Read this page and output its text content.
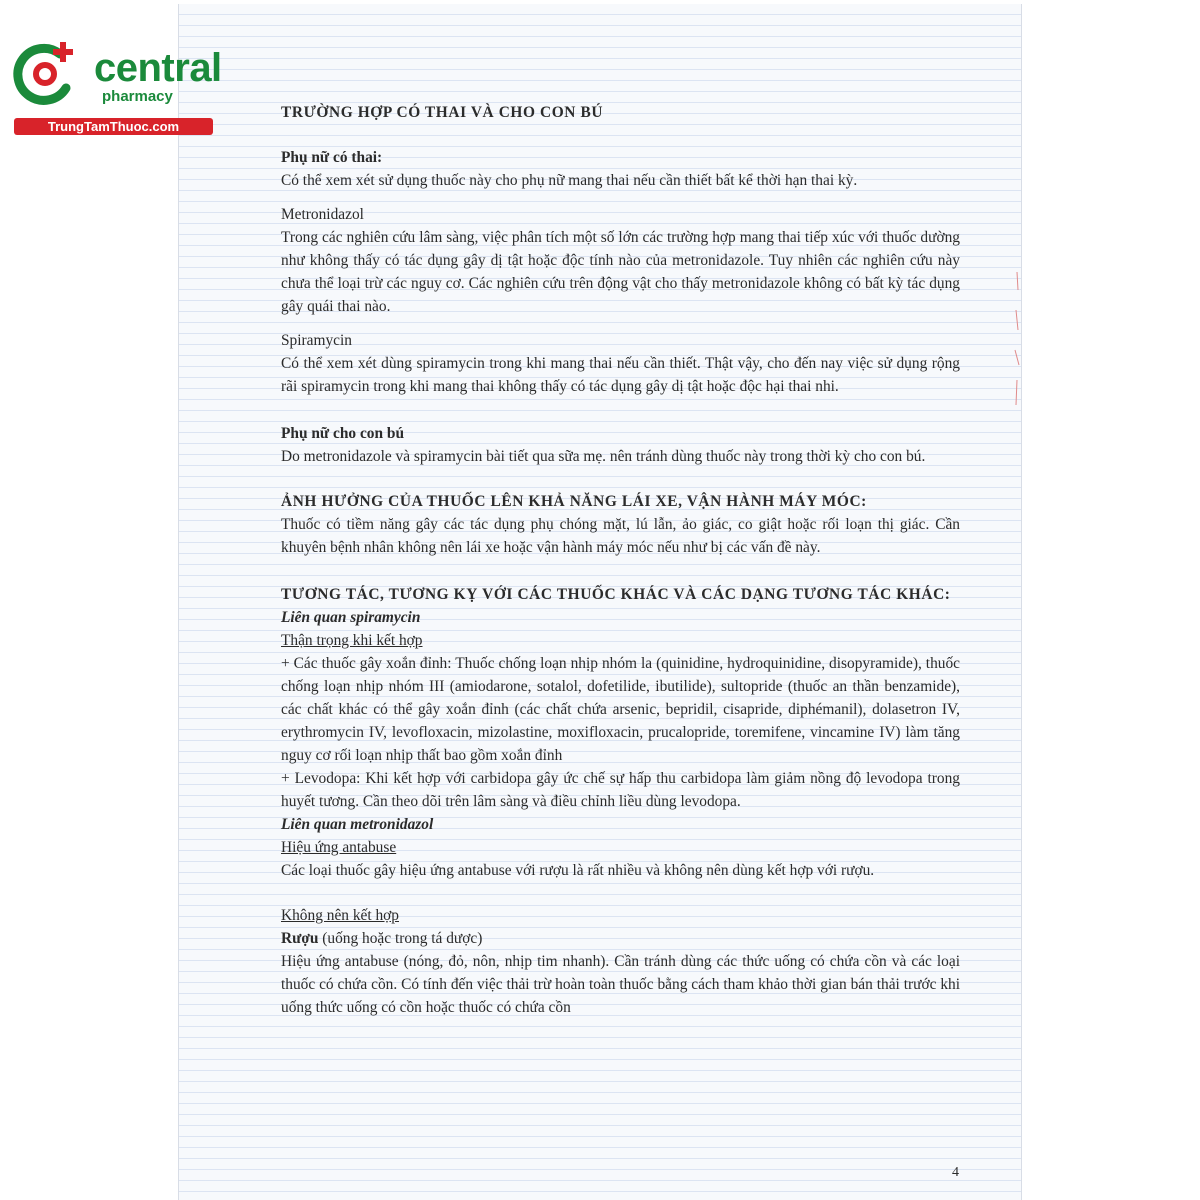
central
pharmacy
TrungTamThuoc.com

TRƯỜNG HỢP CÓ THAI VÀ CHO CON BÚ

Phụ nữ có thai:

Có thể xem xét sử dụng thuốc này cho phụ nữ mang thai nếu cần thiết bất kể thời hạn thai kỳ.

Metronidazol

Trong các nghiên cứu lâm sàng, việc phân tích một số lớn các trường hợp mang thai tiếp xúc với thuốc dường như không thấy có tác dụng gây dị tật hoặc độc tính nào của metronidazole. Tuy nhiên các nghiên cứu này chưa thể loại trừ các nguy cơ. Các nghiên cứu trên động vật cho thấy metronidazole không có bất kỳ tác dụng gây quái thai nào.

Spiramycin

Có thể xem xét dùng spiramycin trong khi mang thai nếu cần thiết. Thật vậy, cho đến nay việc sử dụng rộng rãi spiramycin trong khi mang thai không thấy có tác dụng gây dị tật hoặc độc hại thai nhi.

Phụ nữ cho con bú

Do metronidazole và spiramycin bài tiết qua sữa mẹ. nên tránh dùng thuốc này trong thời kỳ cho con bú.

ẢNH HƯỞNG CỦA THUỐC LÊN KHẢ NĂNG LÁI XE, VẬN HÀNH MÁY MÓC:

Thuốc có tiềm năng gây các tác dụng phụ chóng mặt, lú lẫn, ảo giác, co giật hoặc rối loạn thị giác. Cần khuyên bệnh nhân không nên lái xe hoặc vận hành máy móc nếu như bị các vấn đề này.

TƯƠNG TÁC, TƯƠNG KỴ VỚI CÁC THUỐC KHÁC VÀ CÁC DẠNG TƯƠNG TÁC KHÁC:

Liên quan spiramycin

Thận trọng khi kết hợp

+ Các thuốc gây xoắn đỉnh: Thuốc chống loạn nhịp nhóm la (quinidine, hydroquinidine, disopyramide), thuốc chống loạn nhịp nhóm III (amiodarone, sotalol, dofetilide, ibutilide), sultopride (thuốc an thần benzamide), các chất khác có thể gây xoắn đỉnh (các chất chứa arsenic, bepridil, cisapride, diphémanil), dolasetron IV, erythromycin IV, levofloxacin, mizolastine, moxifloxacin, prucalopride, toremifene, vincamine IV) làm tăng nguy cơ rối loạn nhịp thất bao gồm xoắn đỉnh

+ Levodopa: Khi kết hợp với carbidopa gây ức chế sự hấp thu carbidopa làm giảm nồng độ levodopa trong huyết tương. Cần theo dõi trên lâm sàng và điều chỉnh liều dùng levodopa.

Liên quan metronidazol

Hiệu ứng antabuse

Các loại thuốc gây hiệu ứng antabuse với rượu là rất nhiều và không nên dùng kết hợp với rượu.

Không nên kết hợp

Rượu (uống hoặc trong tá dược)

Hiệu ứng antabuse (nóng, đỏ, nôn, nhịp tim nhanh). Cần tránh dùng các thức uống có chứa cồn và các loại thuốc có chứa cồn. Có tính đến việc thải trừ hoàn toàn thuốc bằng cách tham khảo thời gian bán thải trước khi uống thức uống có cồn hoặc thuốc có chứa cồn

4
